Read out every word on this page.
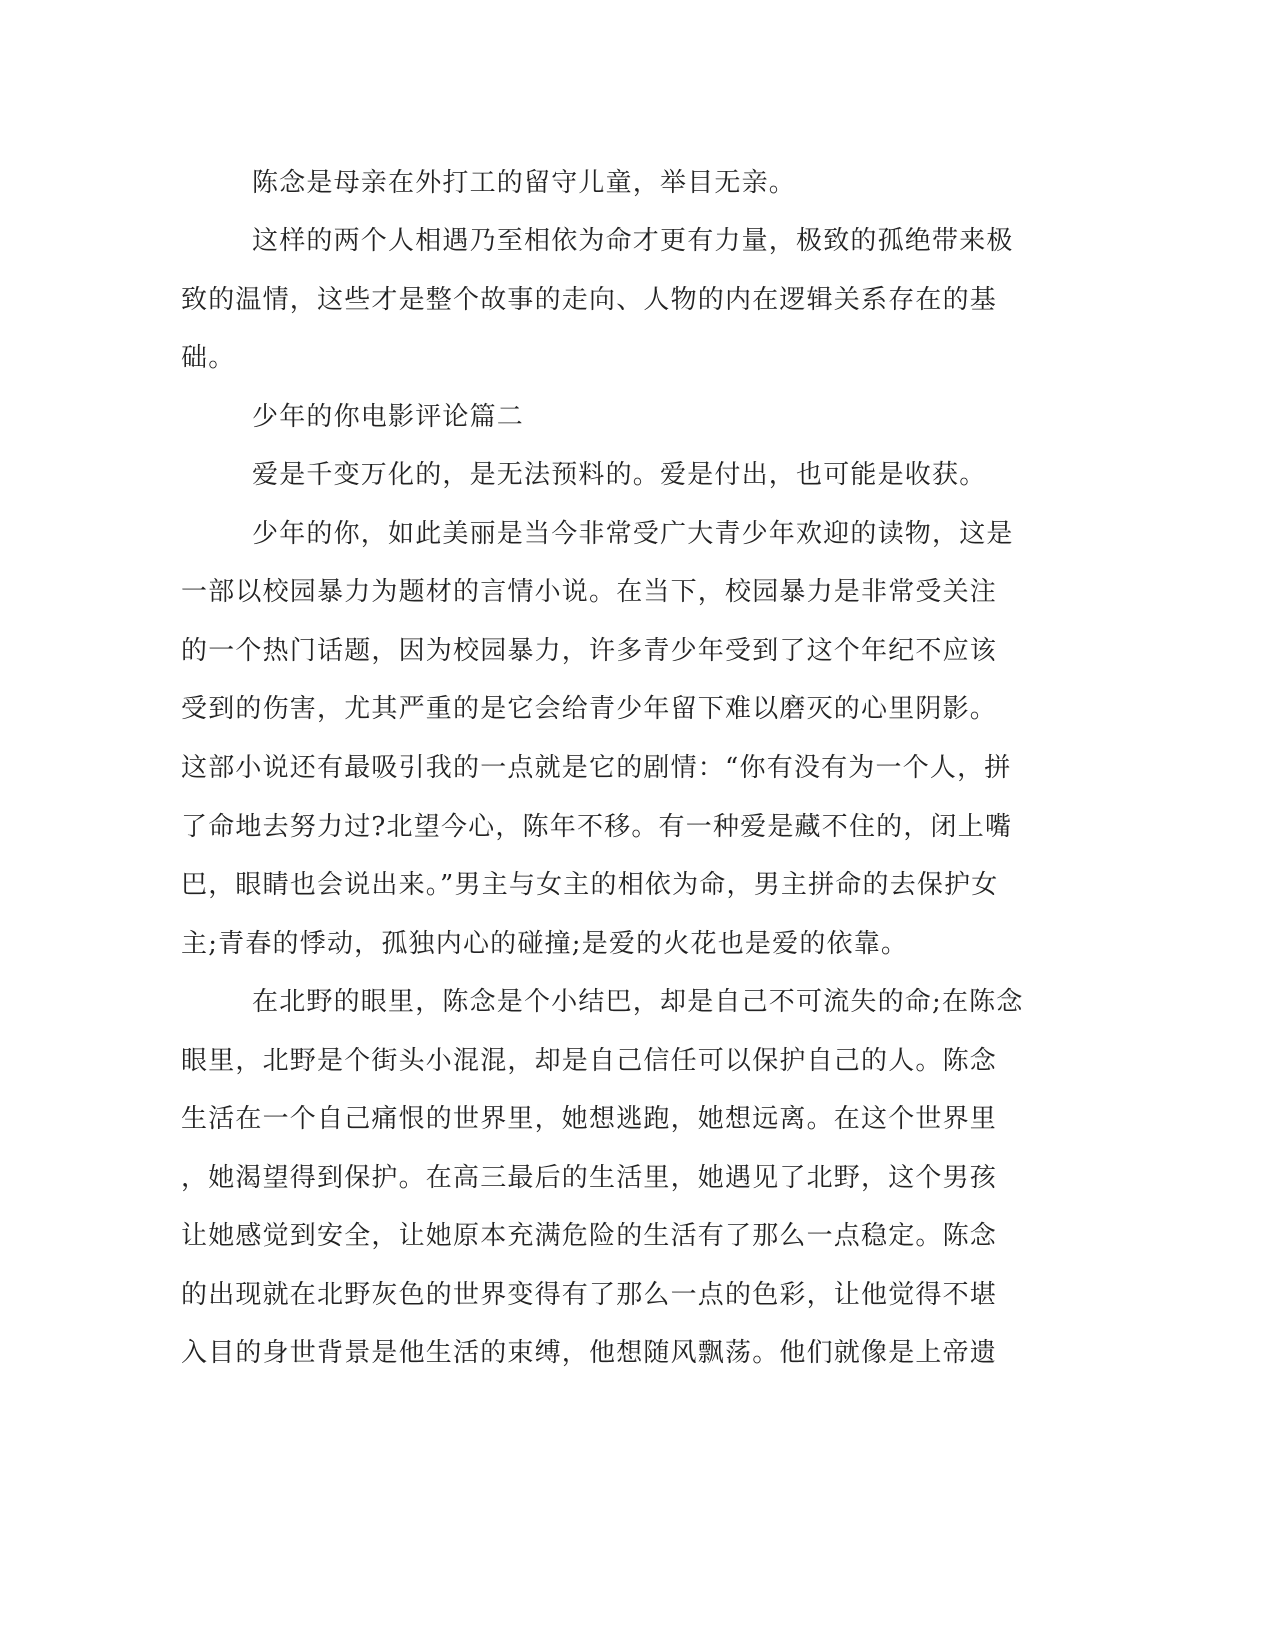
陈念是母亲在外打工的留守儿童，举目无亲。
这样的两个人相遇乃至相依为命才更有力量，极致的孤绝带来极
致的温情，这些才是整个故事的走向、人物的内在逻辑关系存在的基
础。
少年的你电影评论篇二
爱是千变万化的，是无法预料的。爱是付出，也可能是收获。
少年的你，如此美丽是当今非常受广大青少年欢迎的读物，这是
一部以校园暴力为题材的言情小说。在当下，校园暴力是非常受关注
的一个热门话题，因为校园暴力，许多青少年受到了这个年纪不应该
受到的伤害，尤其严重的是它会给青少年留下难以磨灭的心里阴影。
这部小说还有最吸引我的一点就是它的剧情：“你有没有为一个人，拼
了命地去努力过?北望今心，陈年不移。有一种爱是藏不住的，闭上嘴
巴，眼睛也会说出来。”男主与女主的相依为命，男主拼命的去保护女
主;青春的悸动，孤独内心的碰撞;是爱的火花也是爱的依靠。
在北野的眼里，陈念是个小结巴，却是自己不可流失的命;在陈念
眼里，北野是个街头小混混，却是自己信任可以保护自己的人。陈念
生活在一个自己痛恨的世界里，她想逃跑，她想远离。在这个世界里
，她渴望得到保护。在高三最后的生活里，她遇见了北野，这个男孩
让她感觉到安全，让她原本充满危险的生活有了那么一点稳定。陈念
的出现就在北野灰色的世界变得有了那么一点的色彩，让他觉得不堪
入目的身世背景是他生活的束缚，他想随风飘荡。他们就像是上帝遗
